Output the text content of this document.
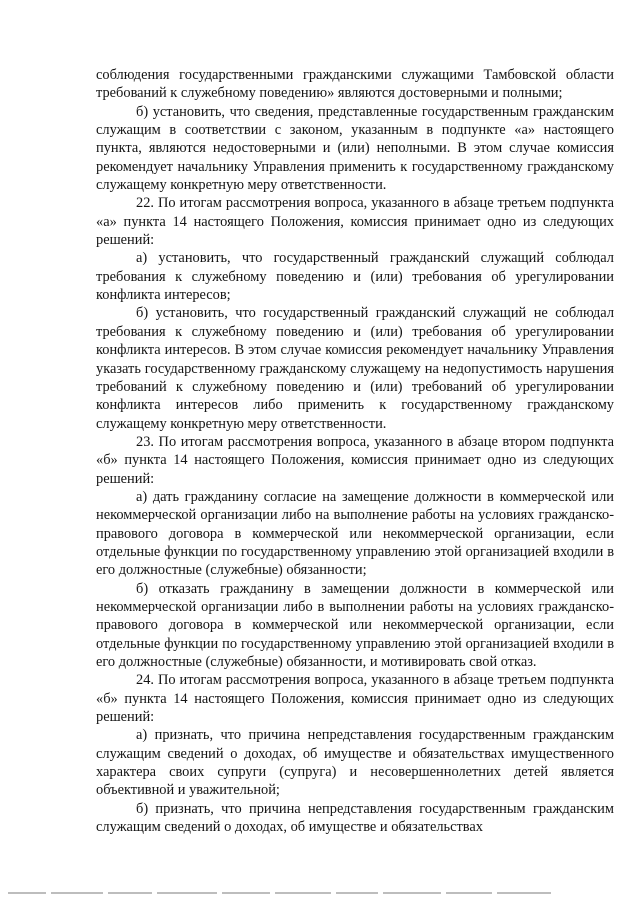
соблюдения государственными гражданскими служащими Тамбовской области требований к служебному поведению» являются достоверными и полными;

б) установить, что сведения, представленные государственным гражданским служащим в соответствии с законом, указанным в подпункте «а» настоящего пункта, являются недостоверными и (или) неполными. В этом случае комиссия рекомендует начальнику Управления применить к государственному гражданскому служащему конкретную меру ответственности.

22. По итогам рассмотрения вопроса, указанного в абзаце третьем подпункта «а» пункта 14 настоящего Положения, комиссия принимает одно из следующих решений:

а) установить, что государственный гражданский служащий соблюдал требования к служебному поведению и (или) требования об урегулировании конфликта интересов;

б) установить, что государственный гражданский служащий не соблюдал требования к служебному поведению и (или) требования об урегулировании конфликта интересов. В этом случае комиссия рекомендует начальнику Управления указать государственному гражданскому служащему на недопустимость нарушения требований к служебному поведению и (или) требований об урегулировании конфликта интересов либо применить к государственному гражданскому служащему конкретную меру ответственности.

23. По итогам рассмотрения вопроса, указанного в абзаце втором подпункта «б» пункта 14 настоящего Положения, комиссия принимает одно из следующих решений:

а) дать гражданину согласие на замещение должности в коммерческой или некоммерческой организации либо на выполнение работы на условиях гражданско-правового договора в коммерческой или некоммерческой организации, если отдельные функции по государственному управлению этой организацией входили в его должностные (служебные) обязанности;

б) отказать гражданину в замещении должности в коммерческой или некоммерческой организации либо в выполнении работы на условиях гражданско-правового договора в коммерческой или некоммерческой организации, если отдельные функции по государственному управлению этой организацией входили в его должностные (служебные) обязанности, и мотивировать свой отказ.

24. По итогам рассмотрения вопроса, указанного в абзаце третьем подпункта «б» пункта 14 настоящего Положения, комиссия принимает одно из следующих решений:

а) признать, что причина непредставления государственным гражданским служащим сведений о доходах, об имуществе и обязательствах имущественного характера своих супруги (супруга) и несовершеннолетних детей является объективной и уважительной;

б) признать, что причина непредставления государственным гражданским служащим сведений о доходах, об имуществе и обязательствах
